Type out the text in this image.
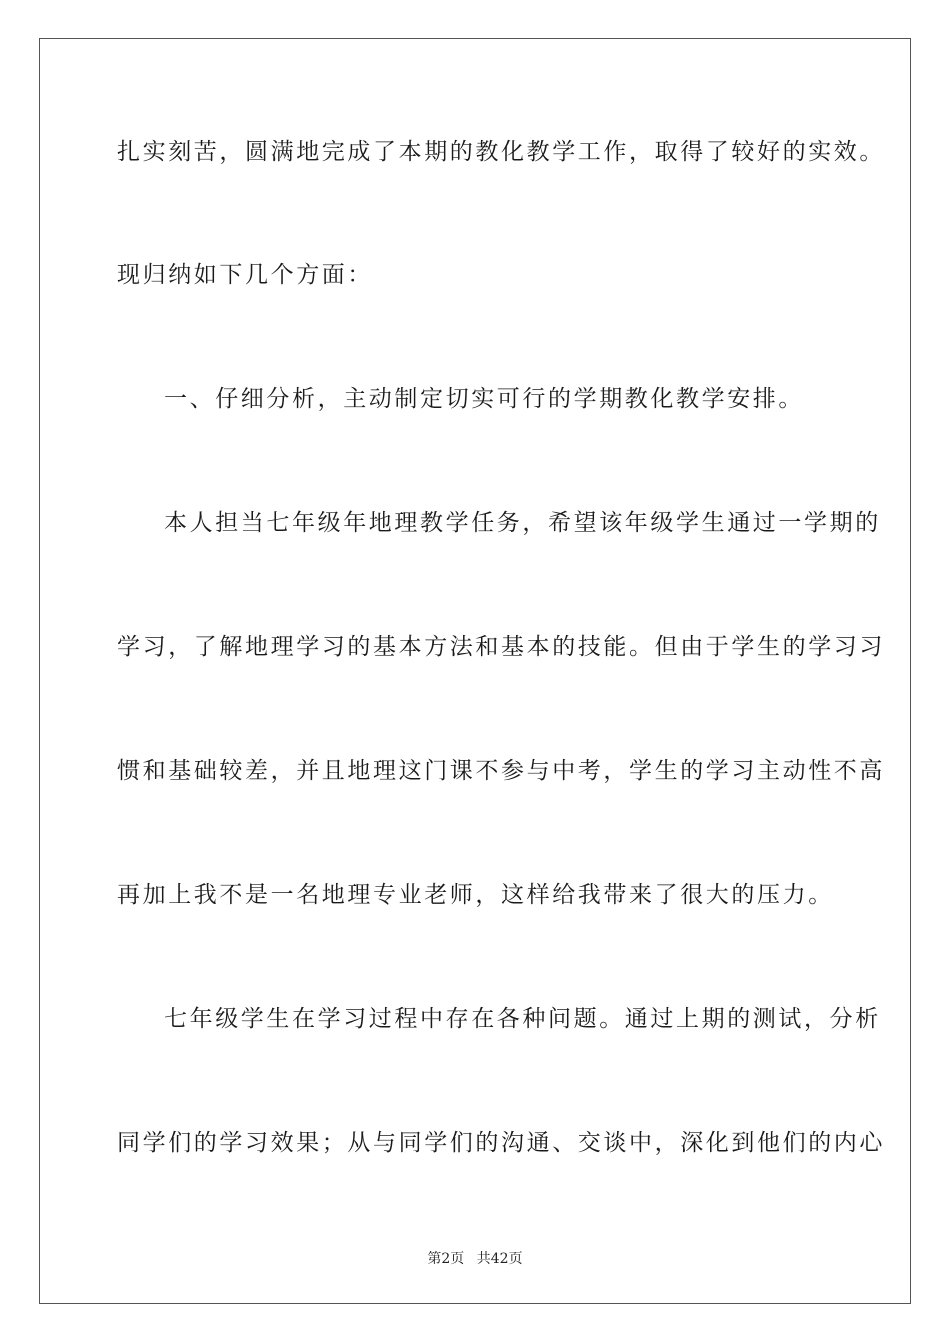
扎实刻苦，圆满地完成了本期的教化教学工作，取得了较好的实效。
现归纳如下几个方面：
一、仔细分析，主动制定切实可行的学期教化教学安排。
本人担当七年级年地理教学任务，希望该年级学生通过一学期的
学习，了解地理学习的基本方法和基本的技能。但由于学生的学习习
惯和基础较差，并且地理这门课不参与中考，学生的学习主动性不高
再加上我不是一名地理专业老师，这样给我带来了很大的压力。
七年级学生在学习过程中存在各种问题。通过上期的测试，分析
同学们的学习效果；从与同学们的沟通、交谈中，深化到他们的内心
第2页 共42页
